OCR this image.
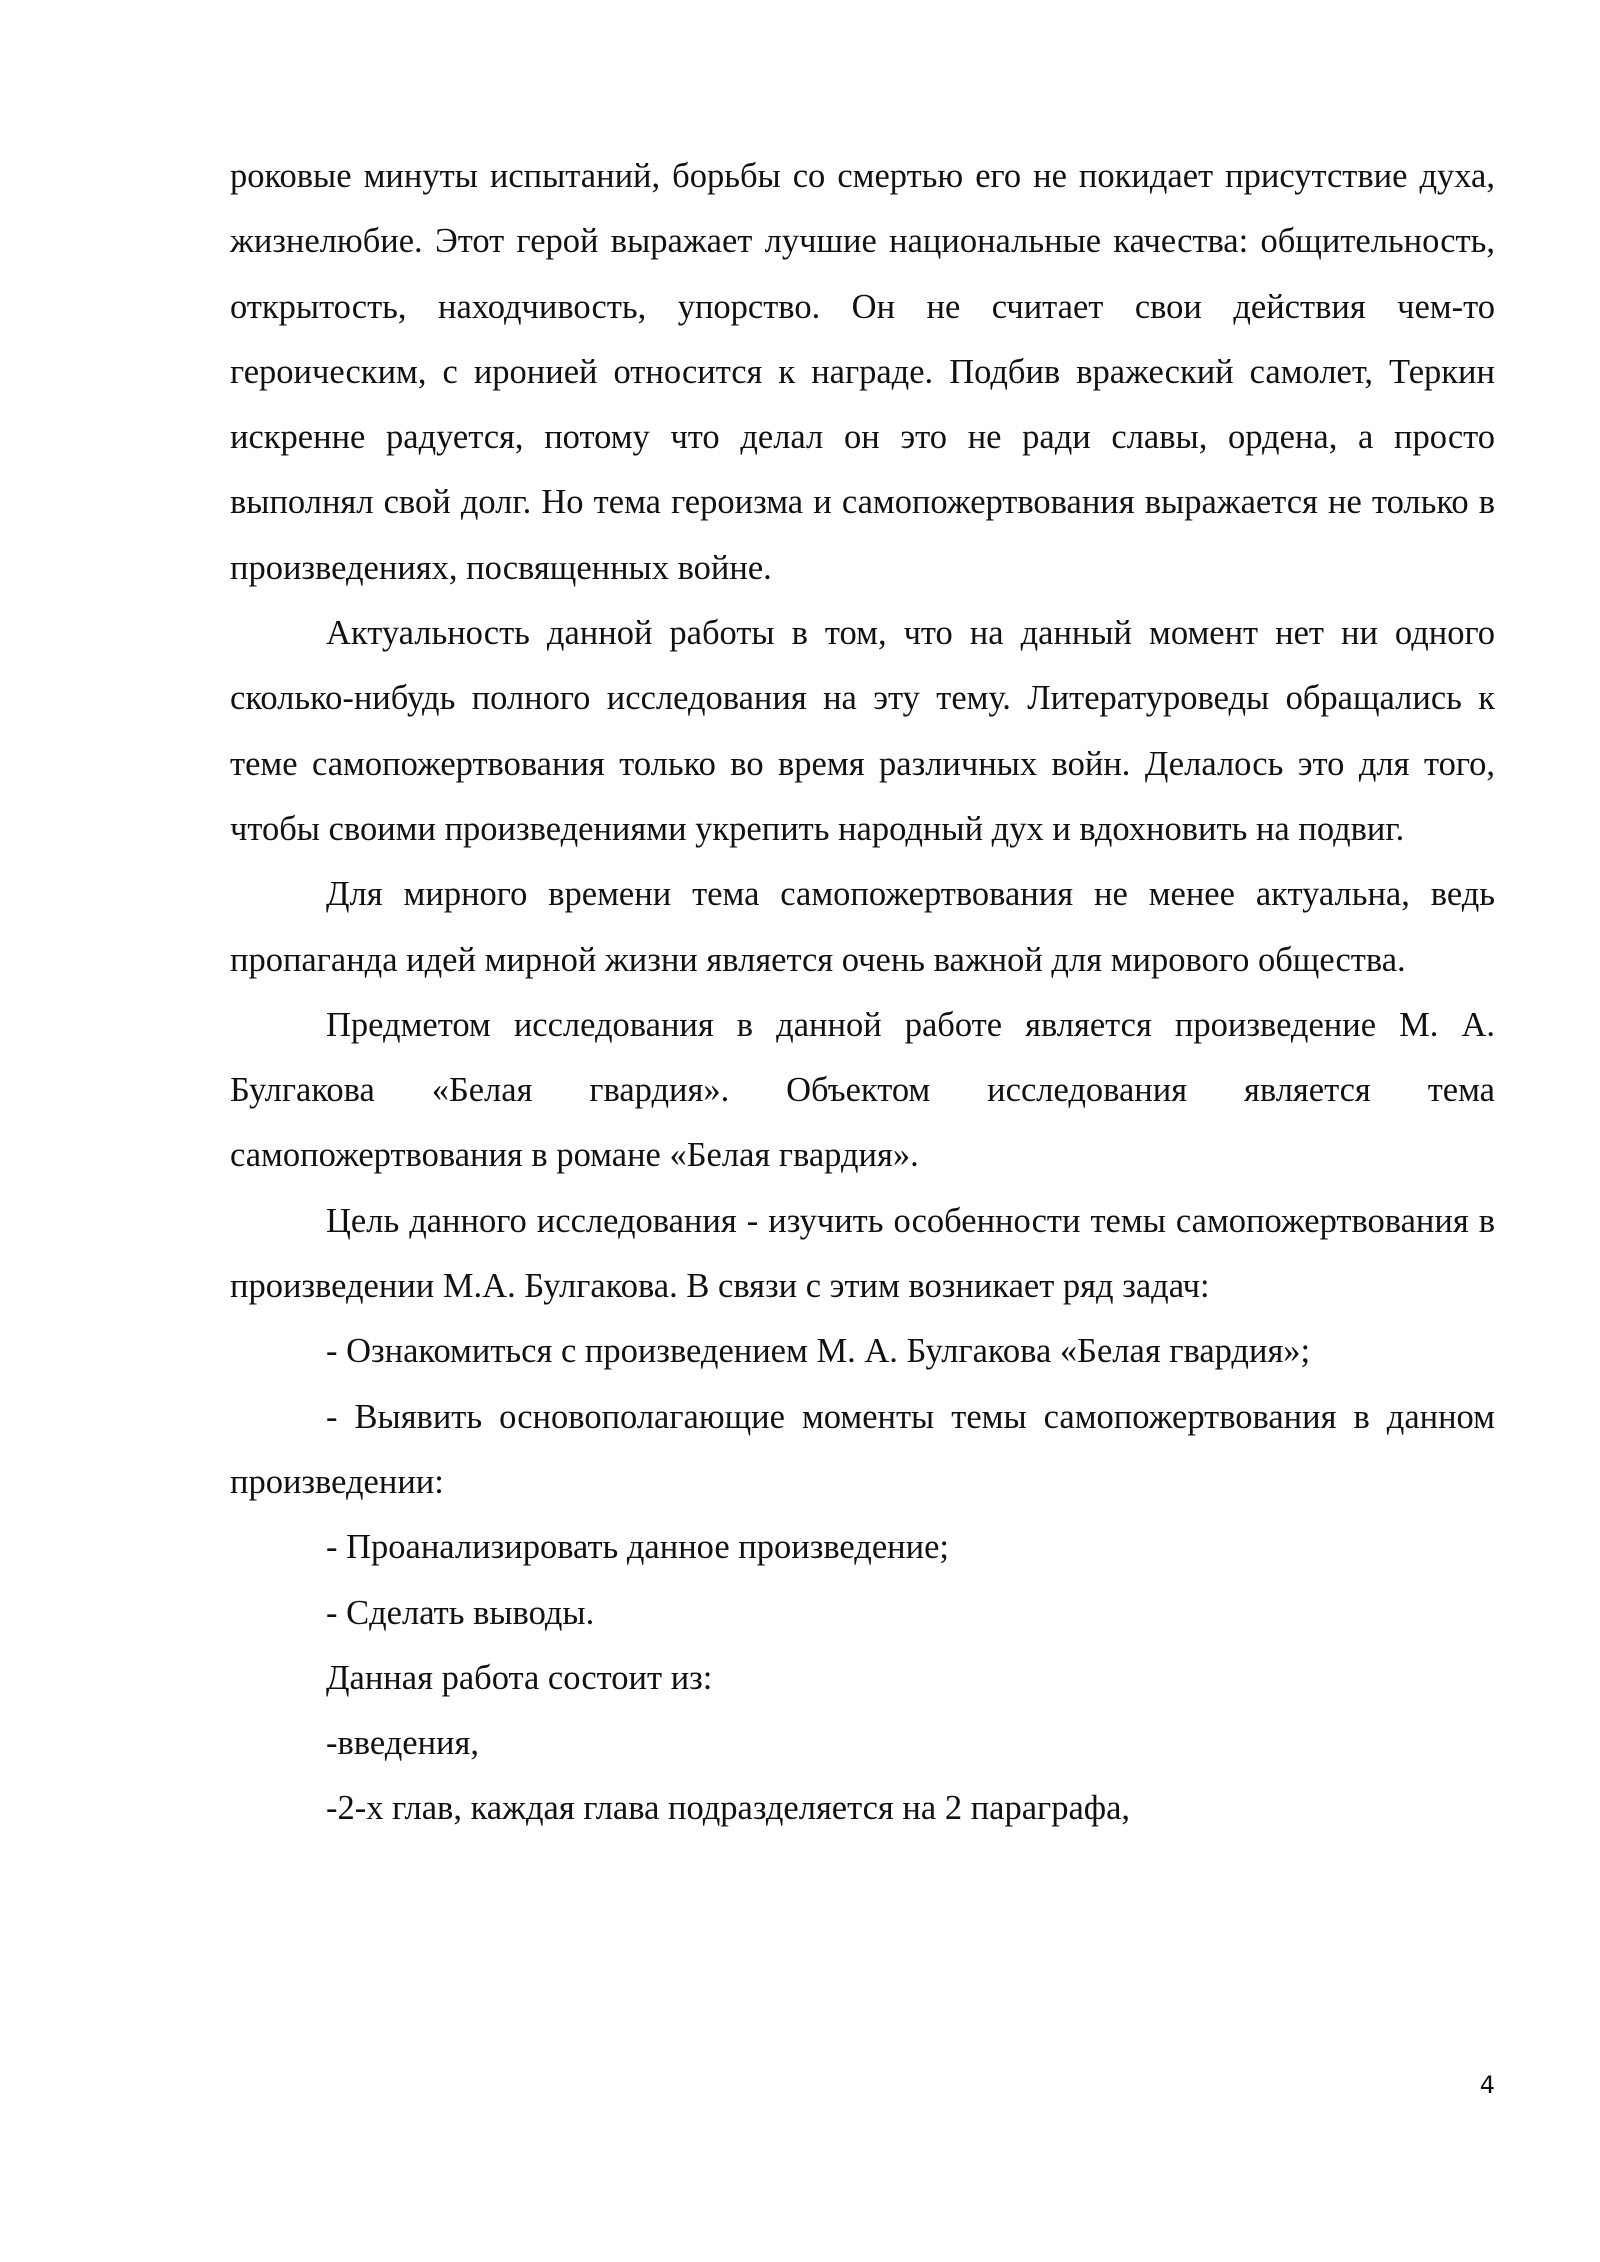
роковые минуты испытаний, борьбы со смертью его не покидает присутствие духа, жизнелюбие. Этот герой выражает лучшие национальные качества: общительность, открытость, находчивость, упорство. Он не считает свои действия чем-то героическим, с иронией относится к награде. Подбив вражеский самолет, Теркин искренне радуется, потому что делал он это не ради славы, ордена, а просто выполнял свой долг. Но тема героизма и самопожертвования выражается не только в произведениях, посвященных войне.

Актуальность данной работы в том, что на данный момент нет ни одного сколько-нибудь полного исследования на эту тему. Литературоведы обращались к теме самопожертвования только во время различных войн. Делалось это для того, чтобы своими произведениями укрепить народный дух и вдохновить на подвиг.

Для мирного времени тема самопожертвования не менее актуальна, ведь пропаганда идей мирной жизни является очень важной для мирового общества.

Предметом исследования в данной работе является произведение М. А. Булгакова «Белая гвардия». Объектом исследования является тема самопожертвования в романе «Белая гвардия».

Цель данного исследования - изучить особенности темы самопожертвования в произведении М.А. Булгакова. В связи с этим возникает ряд задач:

- Ознакомиться с произведением М. А. Булгакова «Белая гвардия»;

- Выявить основополагающие моменты темы самопожертвования в данном произведении:

- Проанализировать данное произведение;

- Сделать выводы.

Данная работа состоит из:

-введения,

-2-х глав, каждая глава подразделяется на 2 параграфа,

4
